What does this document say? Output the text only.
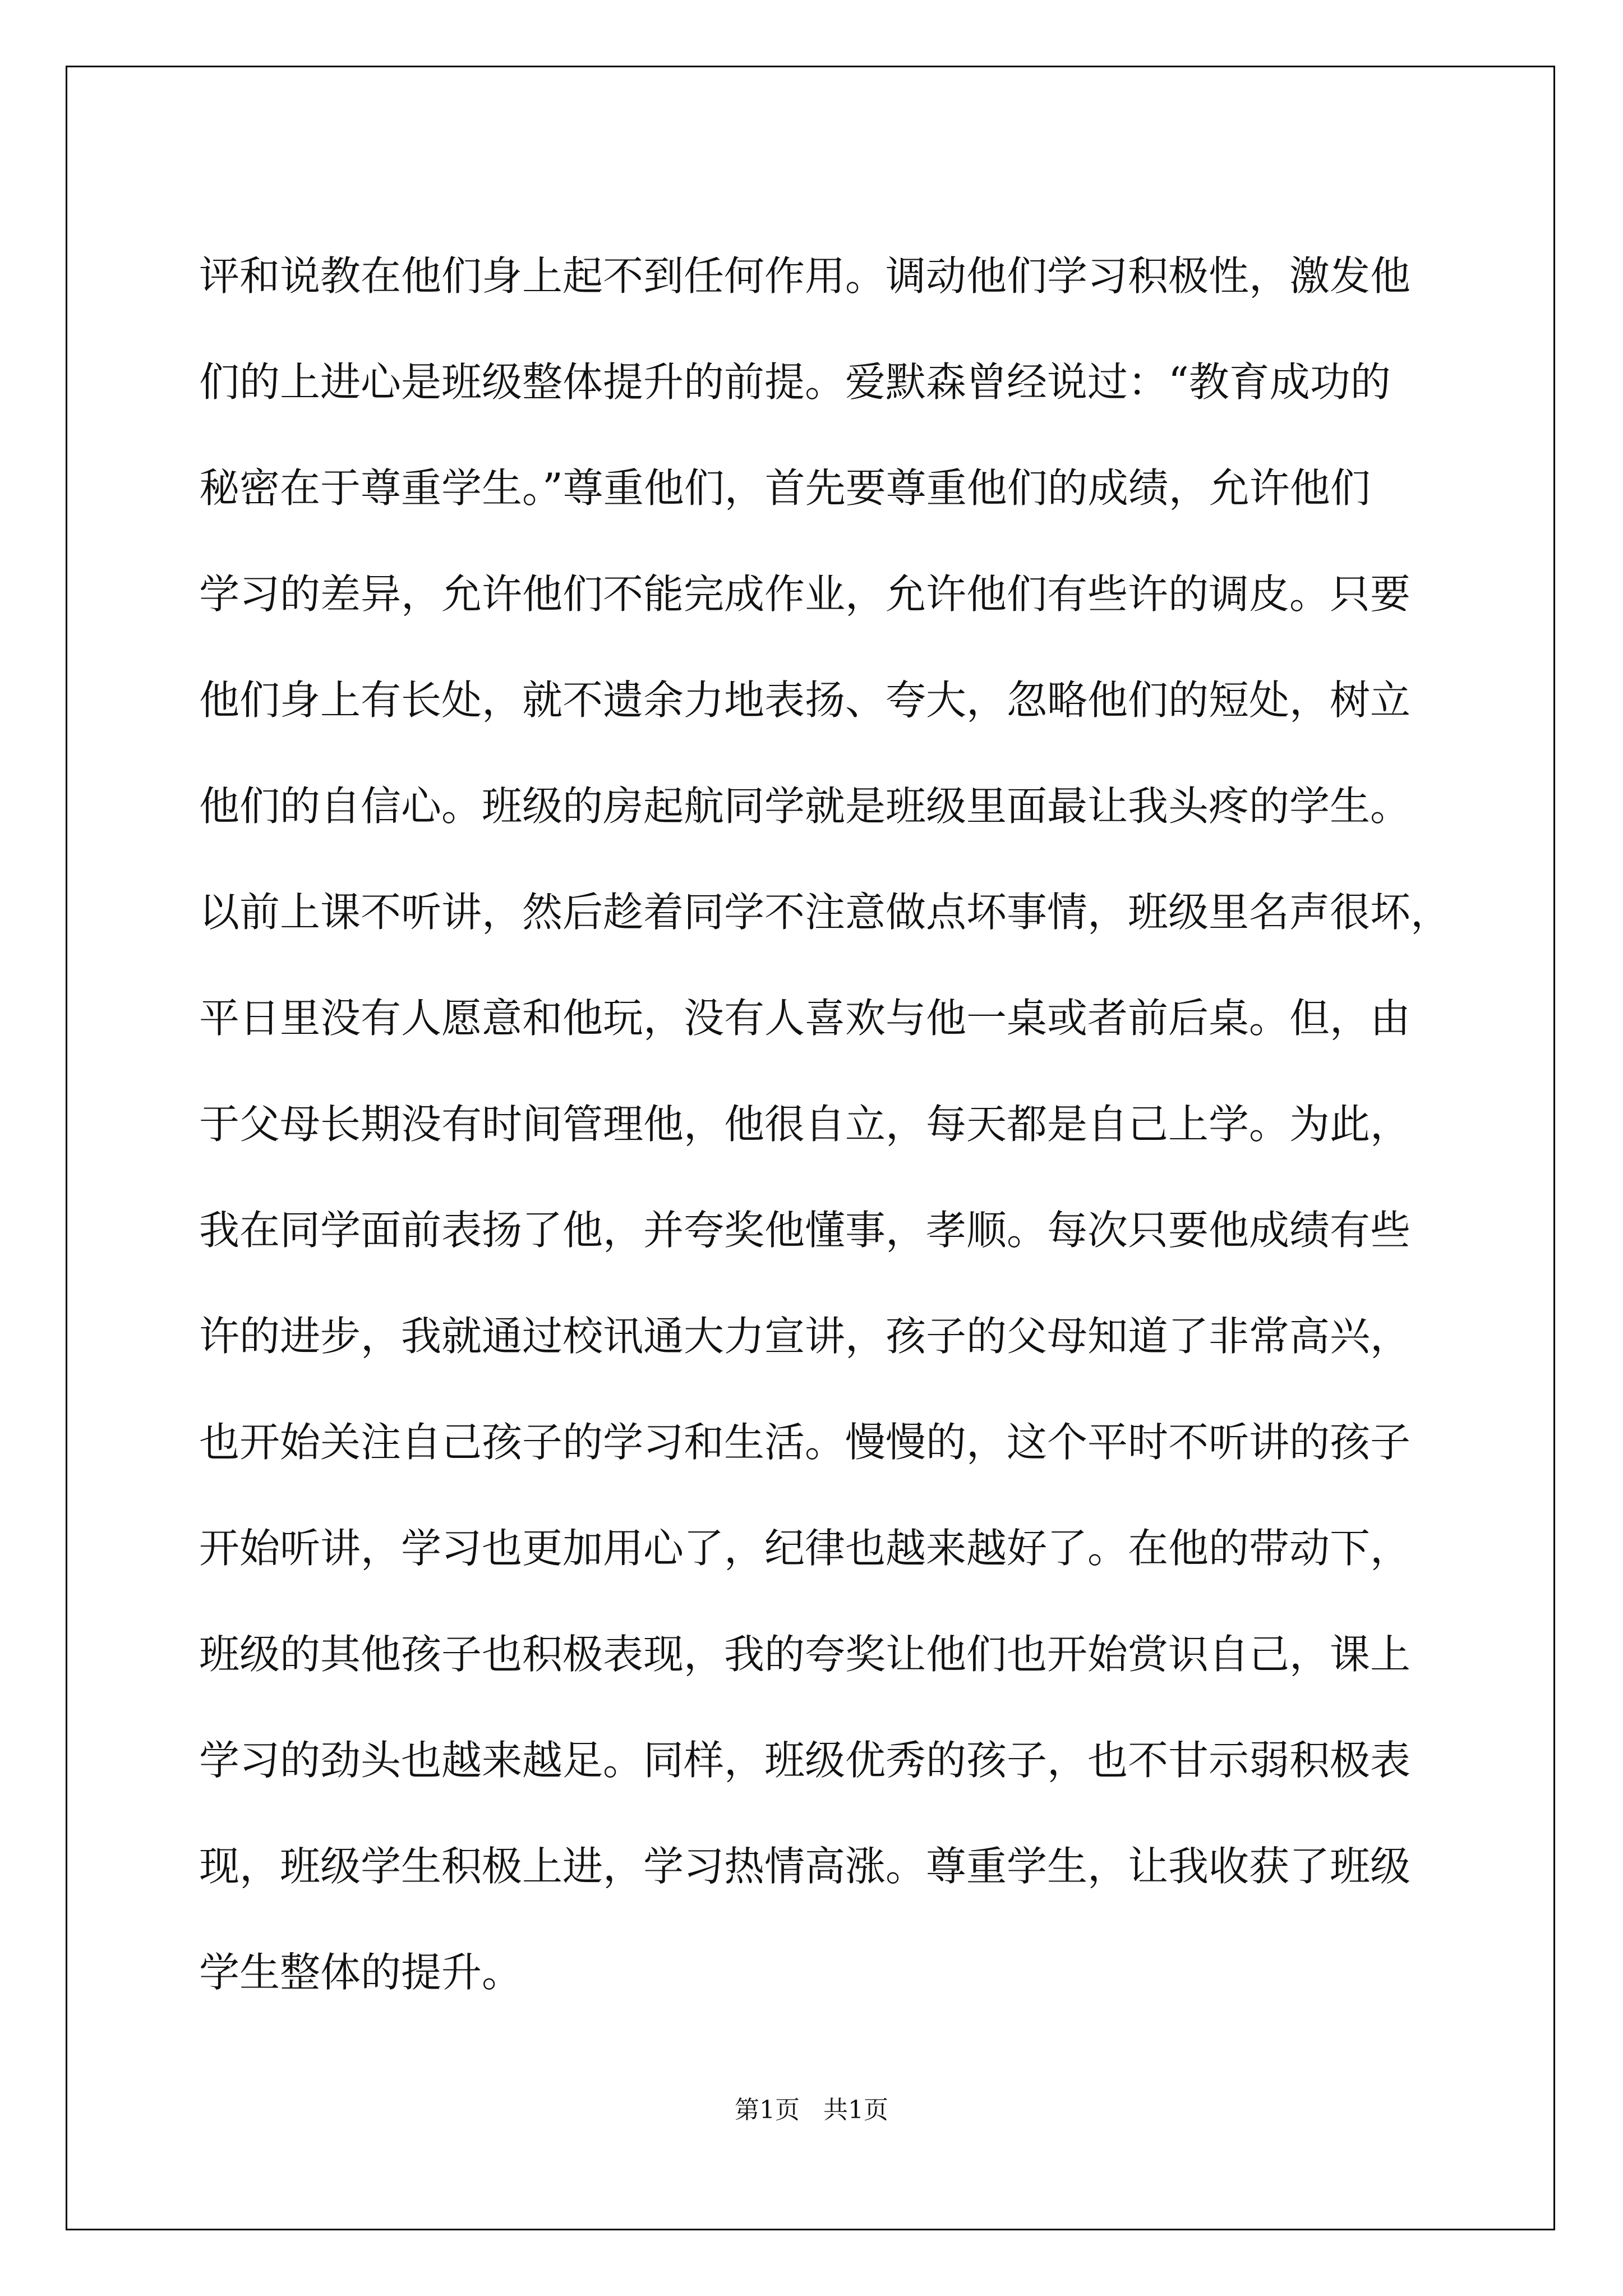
评和说教在他们身上起不到任何作用。调动他们学习积极性，激发他
们的上进心是班级整体提升的前提。爱默森曾经说过：“教育成功的
秘密在于尊重学生。”尊重他们，首先要尊重他们的成绩，允许他们
学习的差异，允许他们不能完成作业，允许他们有些许的调皮。只要
他们身上有长处，就不遗余力地表扬、夸大，忽略他们的短处，树立
他们的自信心。班级的房起航同学就是班级里面最让我头疼的学生。
以前上课不听讲，然后趁着同学不注意做点坏事情，班级里名声很坏，
平日里没有人愿意和他玩，没有人喜欢与他一桌或者前后桌。但，由
于父母长期没有时间管理他，他很自立，每天都是自己上学。为此，
我在同学面前表扬了他，并夸奖他懂事，孝顺。每次只要他成绩有些
许的进步，我就通过校讯通大力宣讲，孩子的父母知道了非常高兴，
也开始关注自己孩子的学习和生活。慢慢的，这个平时不听讲的孩子
开始听讲，学习也更加用心了，纪律也越来越好了。在他的带动下，
班级的其他孩子也积极表现，我的夸奖让他们也开始赏识自己，课上
学习的劲头也越来越足。同样，班级优秀的孩子，也不甘示弱积极表
现，班级学生积极上进，学习热情高涨。尊重学生，让我收获了班级
学生整体的提升。
第1页   共1页
